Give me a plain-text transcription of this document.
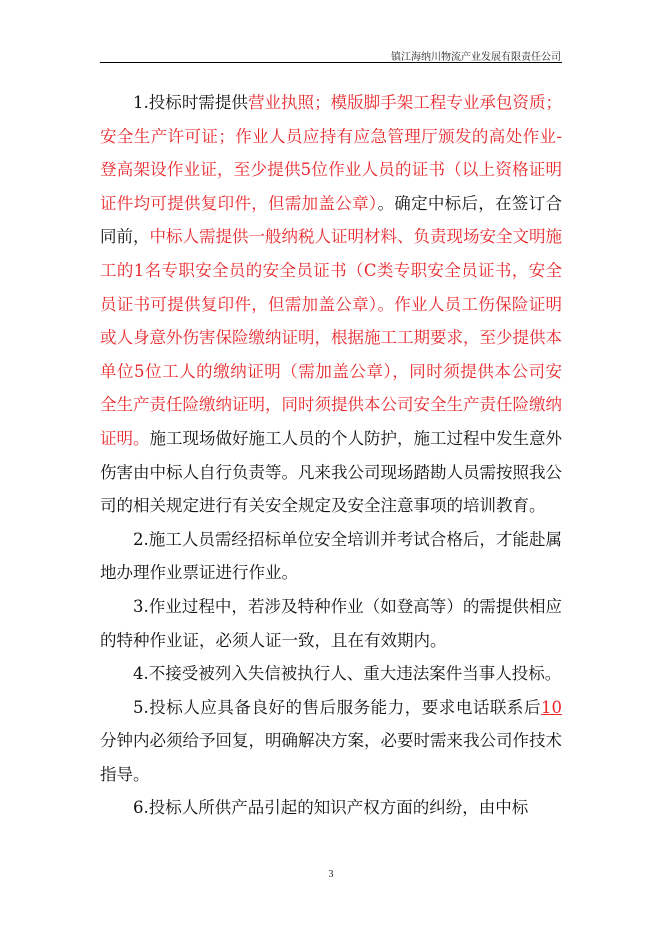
镇江海纳川物流产业发展有限责任公司

1.投标时需提供营业执照；模版脚手架工程专业承包资质；安全生产许可证；作业人员应持有应急管理厅颁发的高处作业-登高架设作业证，至少提供5位作业人员的证书（以上资格证明证件均可提供复印件，但需加盖公章）。确定中标后，在签订合同前，中标人需提供一般纳税人证明材料、负责现场安全文明施工的1名专职安全员的安全员证书（C类专职安全员证书，安全员证书可提供复印件，但需加盖公章）。作业人员工伤保险证明或人身意外伤害保险缴纳证明，根据施工工期要求，至少提供本单位5位工人的缴纳证明（需加盖公章），同时须提供本公司安全生产责任险缴纳证明，同时须提供本公司安全生产责任险缴纳证明。施工现场做好施工人员的个人防护，施工过程中发生意外伤害由中标人自行负责等。凡来我公司现场踏勘人员需按照我公司的相关规定进行有关安全规定及安全注意事项的培训教育。

2.施工人员需经招标单位安全培训并考试合格后，才能赴属地办理作业票证进行作业。

3.作业过程中，若涉及特种作业（如登高等）的需提供相应的特种作业证，必须人证一致，且在有效期内。

4.不接受被列入失信被执行人、重大违法案件当事人投标。

5.投标人应具备良好的售后服务能力，要求电话联系后10分钟内必须给予回复，明确解决方案，必要时需来我公司作技术指导。

6.投标人所供产品引起的知识产权方面的纠纷，由中标

3
